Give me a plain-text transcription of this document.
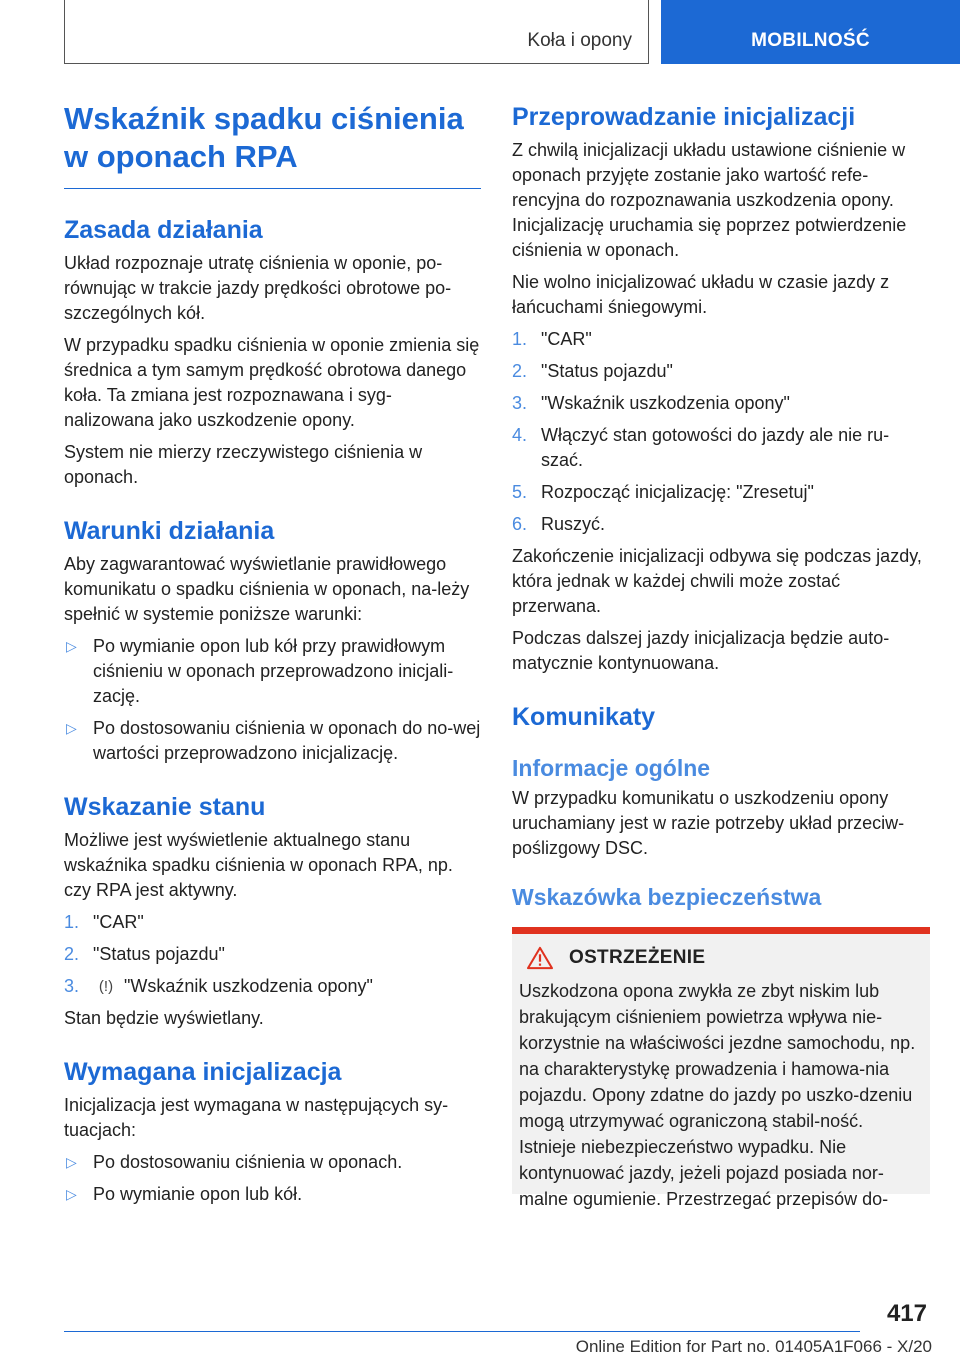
Koła i opony	MOBILNOŚĆ
Wskaźnik spadku ciśnienia w oponach RPA
Zasada działania

Układ rozpoznaje utratę ciśnienia w oponie, po-równując w trakcie jazdy prędkości obrotowe po-szczególnych kół.

W przypadku spadku ciśnienia w oponie zmienia się średnica a tym samym prędkość obrotowa danego koła. Ta zmiana jest rozpoznawana i syg-nalizowana jako uszkodzenie opony.

System nie mierzy rzeczywistego ciśnienia w oponach.

Warunki działania

Aby zagwarantować wyświetlanie prawidłowego komunikatu o spadku ciśnienia w oponach, na-leży spełnić w systemie poniższe warunki:

▷ Po wymianie opon lub kół przy prawidłowym ciśnieniu w oponach przeprowadzono inicjali-zację.
▷ Po dostosowaniu ciśnienia w oponach do no-wej wartości przeprowadzono inicjalizację.
Wskazanie stanu

Możliwe jest wyświetlenie aktualnego stanu wskaźnika spadku ciśnienia w oponach RPA, np. czy RPA jest aktywny.

1. "CAR"
2. "Status pojazdu"
3. (!) "Wskaźnik uszkodzenia opony"

Stan będzie wyświetlany.

Wymagana inicjalizacja

Inicjalizacja jest wymagana w następujących sy-tuacjach:

▷ Po dostosowaniu ciśnienia w oponach.
▷ Po wymianie opon lub kół.
Przeprowadzanie inicjalizacji

Z chwilą inicjalizacji układu ustawione ciśnienie w oponach przyjęte zostanie jako wartość refe-rencyjna do rozpoznawania uszkodzenia opony. Inicjalizację uruchamia się poprzez potwierdzenie ciśnienia w oponach.

Nie wolno inicjalizować układu w czasie jazdy z łańcuchami śniegowymi.

1. "CAR"
2. "Status pojazdu"
3. "Wskaźnik uszkodzenia opony"
4. Włączyć stan gotowości do jazdy ale nie ru-szać.
5. Rozpocząć inicjalizację: "Zresetuj"
6. Ruszyć.

Zakończenie inicjalizacji odbywa się podczas jazdy, która jednak w każdej chwili może zostać przerwana.

Podczas dalszej jazdy inicjalizacja będzie auto-matycznie kontynuowana.

Komunikaty
Informacje ogólne

W przypadku komunikatu o uszkodzeniu opony uruchamiany jest w razie potrzeby układ przeciw-poślizgowy DSC.

Wskazówka bezpieczeństwa
OSTRZEŻENIE

Uszkodzona opona zwykła ze zbyt niskim lub brakującym ciśnieniem powietrza wpływa nie-korzystnie na właściwości jezdne samochodu, np. na charakterystykę prowadzenia i hamowa-nia pojazdu. Opony zdatne do jazdy po uszko-dzeniu mogą utrzymywać ograniczoną stabil-ność. Istnieje niebezpieczeństwo wypadku. Nie kontynuować jazdy, jeżeli pojazd posiada nor-malne ogumienie. Przestrzegać przepisów do-

417
Online Edition for Part no. 01405A1F066 - X/20
